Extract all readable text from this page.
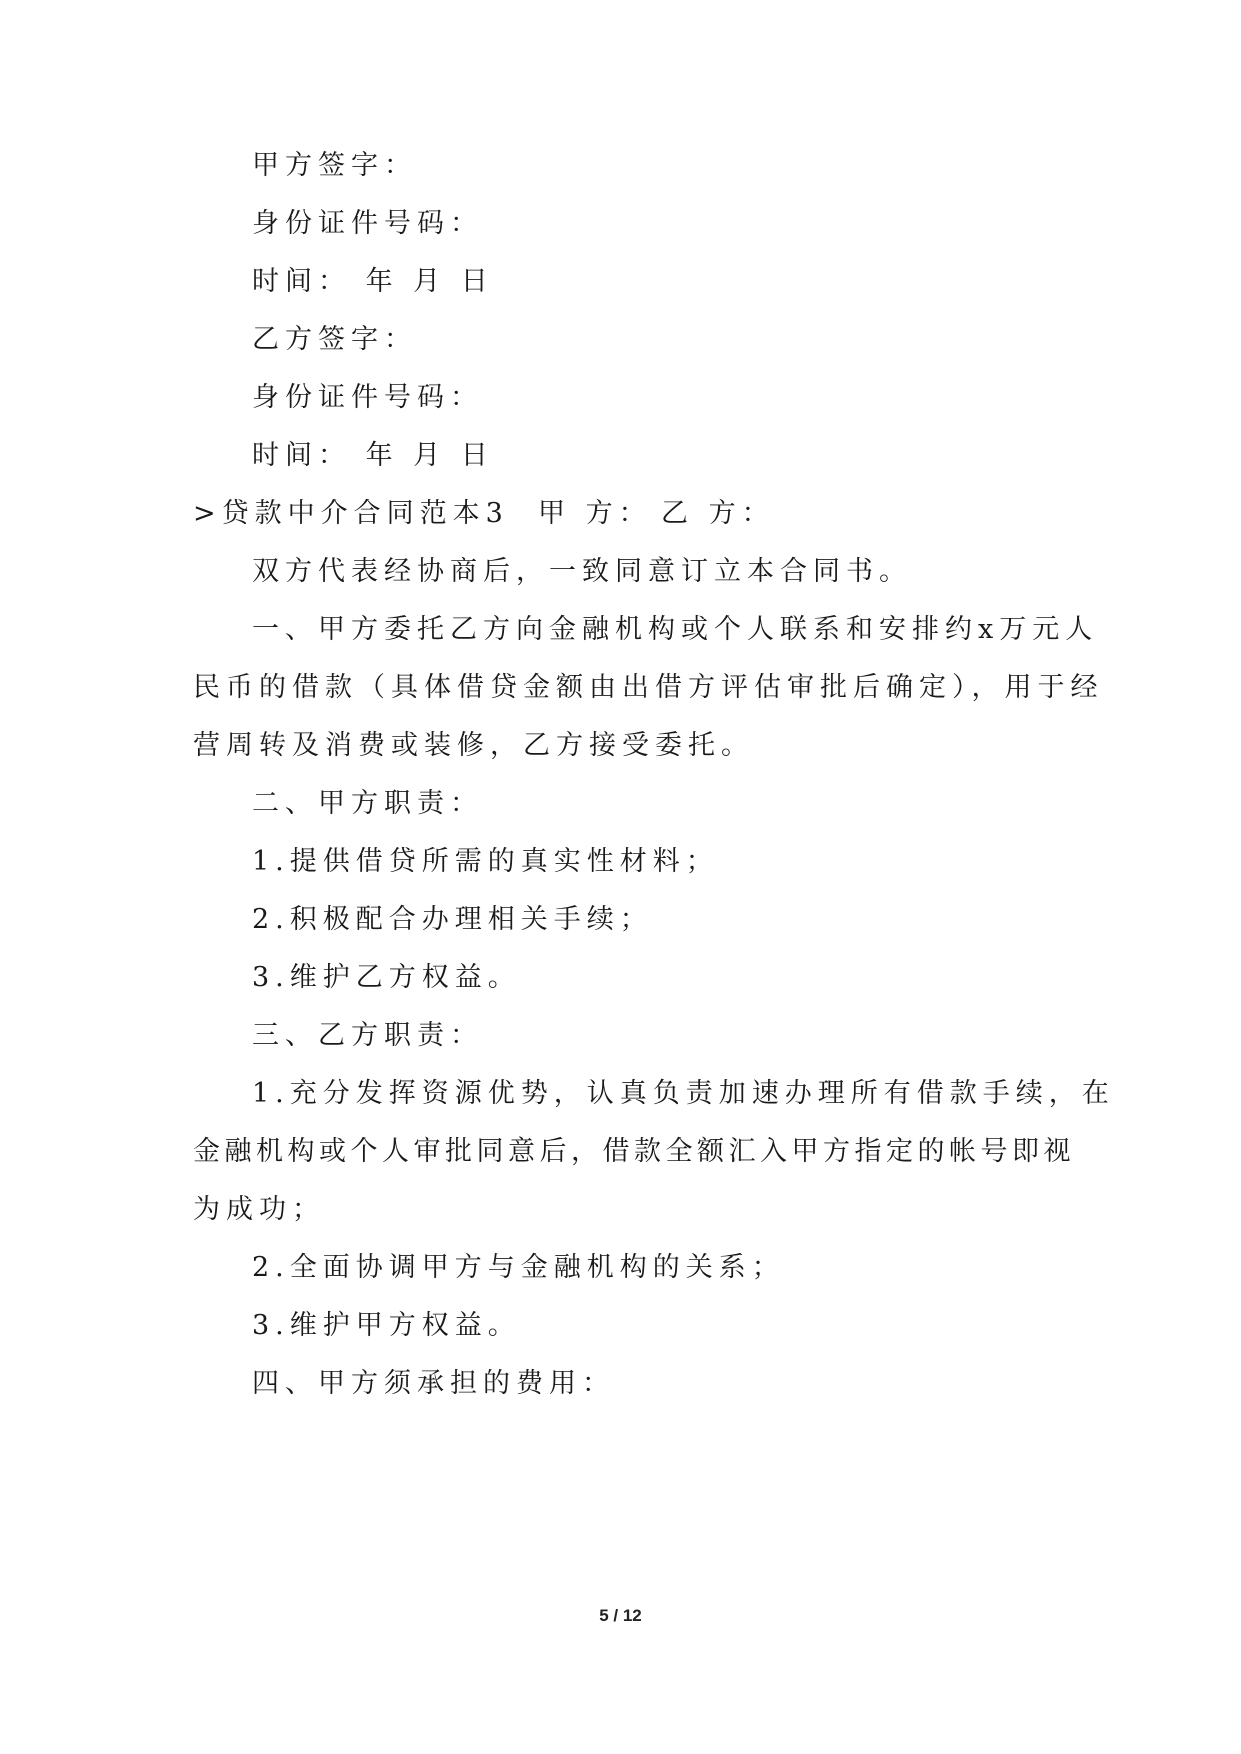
甲方签字：
身份证件号码：
时间： 年 月 日
乙方签字：
身份证件号码：
时间： 年 月 日
>贷款中介合同范本3 甲 方： 乙 方：
双方代表经协商后，一致同意订立本合同书。
一、甲方委托乙方向金融机构或个人联系和安排约x万元人
民币的借款（具体借贷金额由出借方评估审批后确定），用于经
营周转及消费或装修，乙方接受委托。
二、甲方职责：
1.提供借贷所需的真实性材料；
2.积极配合办理相关手续；
3.维护乙方权益。
三、乙方职责：
1.充分发挥资源优势，认真负责加速办理所有借款手续，在
金融机构或个人审批同意后，借款全额汇入甲方指定的帐号即视
为成功；
2.全面协调甲方与金融机构的关系；
3.维护甲方权益。
四、甲方须承担的费用：
5 / 12
